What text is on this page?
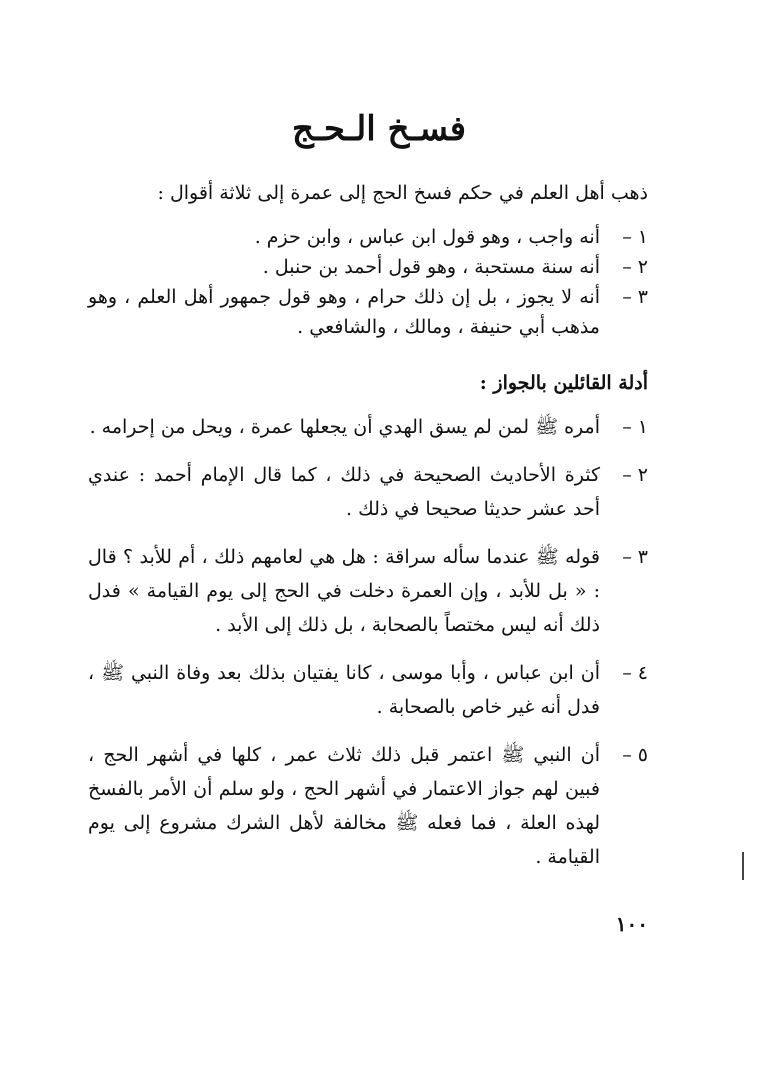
فسـخ الـحـج
ذهب أهل العلم في حكم فسخ الحج إلى عمرة إلى ثلاثة أقوال :
١ –
أنه واجب ، وهو قول ابن عباس ، وابن حزم .
٢ –
أنه سنة مستحبة ، وهو قول أحمد بن حنبل .
٣ –
أنه لا يجوز ، بل إن ذلك حرام ، وهو قول جمهور أهل العلم ، وهو مذهب أبي حنيفة ، ومالك ، والشافعي .
أدلة القائلين بالجواز :
١ –
أمره ﷺ لمن لم يسق الهدي أن يجعلها عمرة ، ويحل من إحرامه .
٢ –
كثرة الأحاديث الصحيحة في ذلك ، كما قال الإمام أحمد : عندي أحد عشر حديثا صحيحا في ذلك .
٣ –
قوله ﷺ عندما سأله سراقة : هل هي لعامهم ذلك ، أم للأبد ؟ قال : « بل للأبد ، وإن العمرة دخلت في الحج إلى يوم القيامة » فدل ذلك أنه ليس مختصاً بالصحابة ، بل ذلك إلى الأبد .
٤ –
أن ابن عباس ، وأبا موسى ، كانا يفتيان بذلك بعد وفاة النبي ﷺ ، فدل أنه غير خاص بالصحابة .
٥ –
أن النبي ﷺ اعتمر قبل ذلك ثلاث عمر ، كلها في أشهر الحج ، فبين لهم جواز الاعتمار في أشهر الحج ، ولو سلم أن الأمر بالفسخ لهذه العلة ، فما فعله ﷺ مخالفة لأهل الشرك مشروع إلى يوم القيامة .
١٠٠
